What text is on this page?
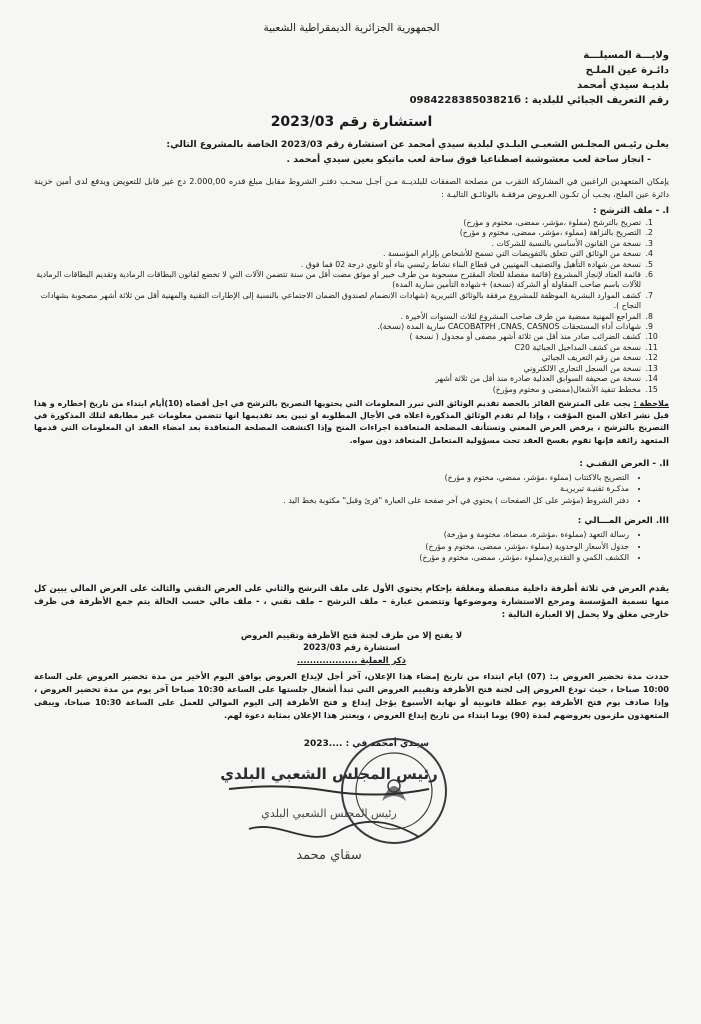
الجمهورية الجزائرية الديمقراطية الشعبية
ولايـــة المسيلـــة
دائـرة عين الملـح
بلديـة سيدي أمحمد
رقم التعريف الجبائي للبلدية : 098422838503821б
استشارة رقم 2023/03
يعلـن رئيـس المجلـس الشعبـي البلـدي لبلدية سيدي أمحمد عن استشارة رقم 2023/03 الخاصة بالمشروع التالي:
- انجاز ساحة لعب معشوشبة اصطناعيا فوق ساحة لعب ماتيكو بعين سيدي أمحمد .
يإمكان المتعهدين الراغبين في المشاركة التقرب من مصلحة الصفقات للبلديــة مـن أجـل سحـب دفتـر الشروط مقابل مبلغ قدره 2.000,00 دج غير قابل للتعويض ويدفع لدى أمين خزينة دائرة عين الملح، يجـب أن تكـون العـروض مرفقـة بالوثائـق التاليـة :
I. - ملف الترشح :
1. تصريح بالترشح (مملوء ،مؤشر، ممضى، مختوم و مؤرخ)
2. التصريح بالنزاهة (مملوء ،مؤشر، ممضى، مختوم و مؤرخ)
3. نسخة من القانون الأساسي بالنسبة للشركات .
4. نسخة من الوثائق التي تتعلق بالتفويضات التي تسمح للأشخاص بإلزام المؤسسة .
5. نسخة من شهادة التأهيل والتصنيف المهنيين في قطاع البناء نشاط رئيسي بناء أو ثانوي درجة 02 فما فوق .
6. قائمة العتاد لإنجاز المشروع (قائمة مفصلة للعتاد المقترح مسحوبة من طرف خبير او موثق مضت أقل من سنة تتضمن الآلات التي لا تخضع لقانون البطاقات الرمادية وتقديم البطاقات الرمادية للآلات باسم صاحب المقاولة أو الشركة (نسخة) +شهادة التأمين سارية المدة)
7. كشف الموارد البشرية الموظفة للمشروع مرفقة بالوثائق التبريرية (شهادات الانضمام لصندوق الضمان الاجتماعي بالنسبة إلى الإطارات التقنية والمهنية أقل من ثلاثة أشهر مصحوبة بشهادات النجاح ).
8. المراجع المهنية ممضية من طرف صاحب المشروع لثلاث السنوات الأخيرة .
9. شهادات أداء المستحقات CACOBATPH ,CNAS, CASNOS سارية المدة (نسخة).
10. كشف الضرائب صادر منذ أقل من ثلاثة أشهر مصفى أو مجدول ( نسخة )
11. نسخة من كشف المداخيل الجبائية C20
12. نسخة من رقم التعريف الجبائي
13. نسخة من السجل التجاري الالكتروني
14. نسخة من صحيفة السوابق العدلية صادرة منذ أقل من ثلاثة أشهر
15. مخطط تنفيذ الأشغال(ممضى و مختوم ومؤرخ)
ملاحظة : يجب على المترشح الفائز بالحصة تقديم الوثائق التي تبرر المعلومات التي يحتويها التصريح بالترشح في اجل أقصاه (10)أيام ابتداء من تاريخ إخطاره و هذا قبل نشر اعلان المنح المؤقت ، وإذا لم تقدم الوثائق المذكورة اعلاه في الأجال المطلوبة او تبين بعد تقديمها انها تتضمن معلومات غير مطابقة لتلك المذكورة في التصريح بالترشح ، يرفض العرض المعني وتستأنف المصلحة المتعاقدة اجراءات المنح وإذا اكتشفت المصلحة المتعاقدة بعد امضاء العقد ان المعلومات التي قدمها المتعهد زائفة فإنها تقوم بفسخ العقد تحت مسؤولية المتعامل المتعاقد دون سواه.
II. - العرض التقنـي :
• التصريح بالاكتتاب (مملوء ،مؤشر، ممضي، مختوم و مؤرخ)
• مذكـرة تقنيـة تبريريـة
• دفتر الشروط (مؤشر على كل الصفحات ) يحتوي في آخر صفحة على العبارة "قرئ وقبل" مكتوبة بخط اليد .
III. العرض المـــالي :
• رسالة التعهد (مملوءة ،مؤشرة، ممضاة، مختومة و مؤرخة)
• جدول الأسعار الوحدوية (مملوء ،مؤشر، ممضى، مختوم و مؤرخ)
• الكشف الكمي و التقديري(مملوء ،مؤشر، ممضى، مختوم و مؤرخ)
يقدم العرض في ثلاثة أظرفة داخلية منفصلة ومغلقة بإحكام يحتوي الأول على ملف الترشح والثاني على العرض التقني والثالث على العرض المالي يبين كل منها تسمية المؤسسة ومرجع الاستشارة وموضوعها وتتضمن عبارة – ملف الترشح – ملف تقني ، - ملف مالي حسب الحالة يتم جمع الأظرفة في ظرف خارجي مغلق ولا يحمل إلا العبارة التالية :
لا يفتح إلا من طرف لجنة فتح الأظرفة وتقييم العروض
استشارة رقم 2023/03
ذكر العملية ...................
حددت مدة تحضير العروض بـ: (07) ايام ابتداء من تاريخ إمضاء هذا الإعلان، آخر أجل لإيداع العروض يوافق اليوم الأخير من مدة تحضير العروض على الساعة 10:00 صباحا ، حيث تودع العروض إلى لجنة فتح الأظرفة وتقييم العروض التي تبدأ أشغال جلستها على الساعة 10:30 صباحا آخر يوم من مدة تحضير العروض ، وإذا صادف يوم فتح الأظرفة يوم عطلة قانونية أو نهاية الأسبوع يؤجل إيداع و فتح الأظرفة إلى اليوم الموالي للعمل على الساعة 10:30 صباحا، ويبقى المتعهدون ملزمون بعروضهم لمدة (90) يوما ابتداء من تاريخ إيداع العروض ، ويعتبر هذا الإعلان بمثابة دعوة لهم.
سيـدي أمحمد في : ....2023
رئيس المجلس الشعبي البلدي
رئيس المجلس الشعبي البلدي
سقاي محمد
